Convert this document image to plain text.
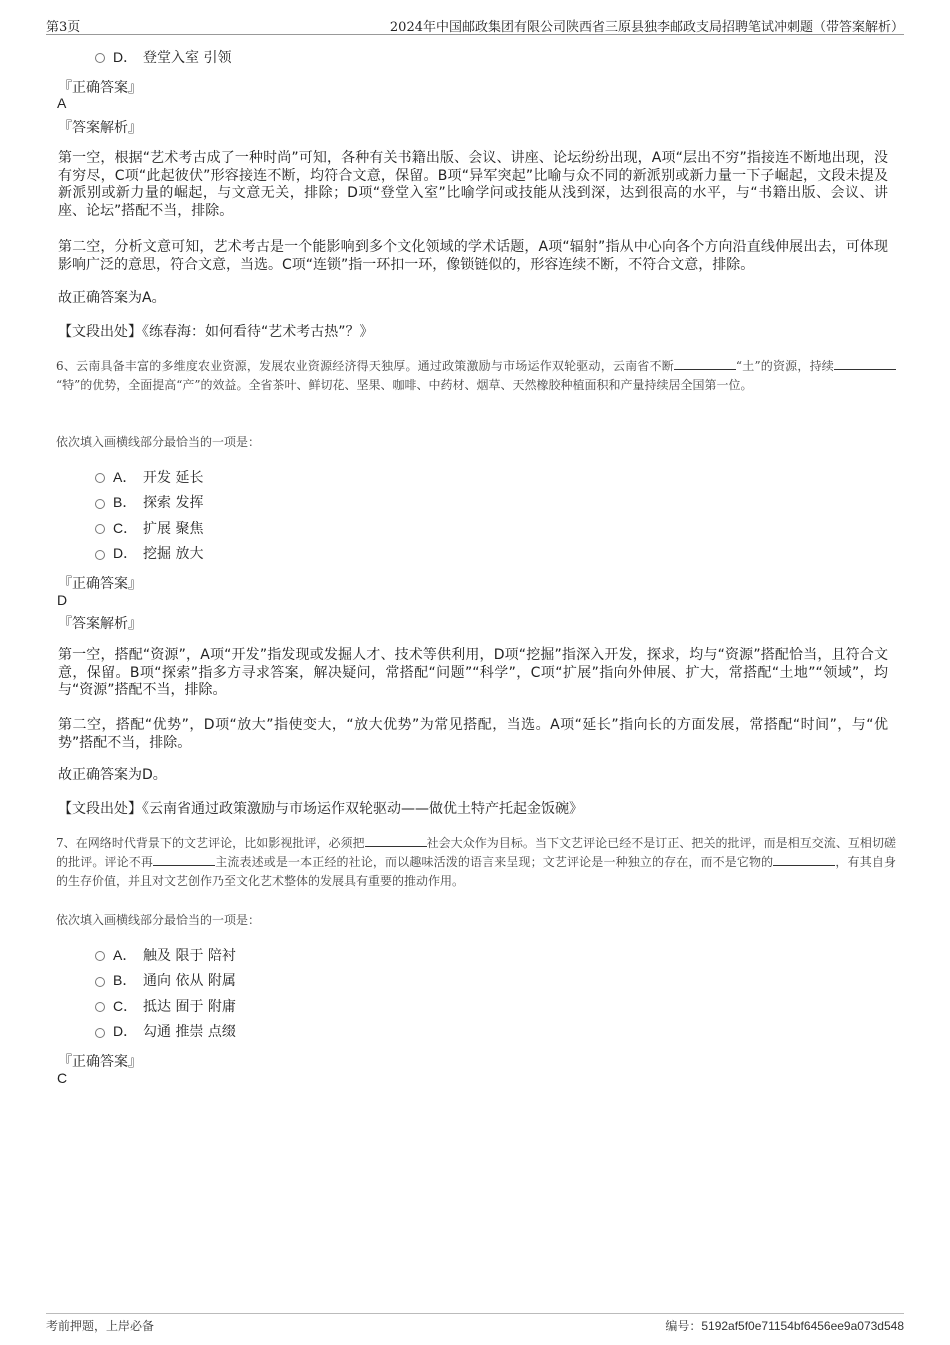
第3页	2024年中国邮政集团有限公司陕西省三原县独李邮政支局招聘笔试冲刺题（带答案解析）
D． 登堂入室 引领
『正确答案』
A
『答案解析』
第一空，根据“艺术考古成了一种时尚”可知，各种有关书籍出版、会议、讲座、论坛纷纷出现，A项“层出不穷”指接连不断地出现，没有穷尽，C项“此起彼伏”形容接连不断，均符合文意，保留。B项“异军突起”比喻与众不同的新派别或新力量一下子崛起，文段未提及新派别或新力量的崛起，与文意无关，排除；D项“登堂入室”比喻学问或技能从浅到深，达到很高的水平，与“书籍出版、会议、讲座、论坛”搭配不当，排除。
第二空，分析文意可知，艺术考古是一个能影响到多个文化领域的学术话题，A项“辐射”指从中心向各个方向沿直线伸展出去，可体现影响广泛的意思，符合文意，当选。C项“连锁”指一环扣一环，像锁链似的，形容连续不断，不符合文意，排除。
故正确答案为A。
【文段出处】《练春海：如何看待“艺术考古热”？》
6、云南具备丰富的多维度农业资源，发展农业资源经济得天独厚。通过政策激励与市场运作双轮驱动，云南省不断	“土”的资源，持续“特”的优势，全面提高“产”的效益。全省茶叶、鲜切花、坚果、咖啡、中药材、烟草、天然橡胶种植面积和产量持续居全国第一位。
依次填入画横线部分最恰当的一项是：
A． 开发 延长
B． 探索 发挥
C． 扩展 聚焦
D． 挖掘 放大
『正确答案』
D
『答案解析』
第一空，搭配“资源”，A项“开发”指发现或发掘人才、技术等供利用，D项“挖掘”指深入开发，探求，均与“资源”搭配恰当，且符合文意，保留。B项“探索”指多方寻求答案，解决疑问，常搭配“问题”“科学”，C项“扩展”指向外伸展、扩大，常搭配“土地”“领域”，均与“资源”搭配不当，排除。
第二空，搭配“优势”，D项“放大”指使变大，“放大优势”为常见搭配，当选。A项“延长”指向长的方面发展，常搭配“时间”，与“优势”搭配不当，排除。
故正确答案为D。
【文段出处】《云南省通过政策激励与市场运作双轮驱动——做优土特产托起金饭碗》
7、在网络时代背景下的文艺评论，比如影视批评，必须把	社会大众作为目标。当下文艺评论已经不是订正、把关的批评，而是相互交流、互相切磋的批评。评论不再	主流表述或是一本正经的社论，而以趣味活泼的语言来呈现；文艺评论是一种独立的存在，而不是它物的	，有其自身的生存价值，并且对文艺创作乃至文化艺术整体的发展具有重要的推动作用。
依次填入画横线部分最恰当的一项是：
A． 触及 限于 陪衬
B． 通向 依从 附属
C． 抵达 囿于 附庸
D． 勾通 推崇 点缀
『正确答案』
C
考前押题，上岸必备	编号：5192af5f0e71154bf6456ee9a073d548
